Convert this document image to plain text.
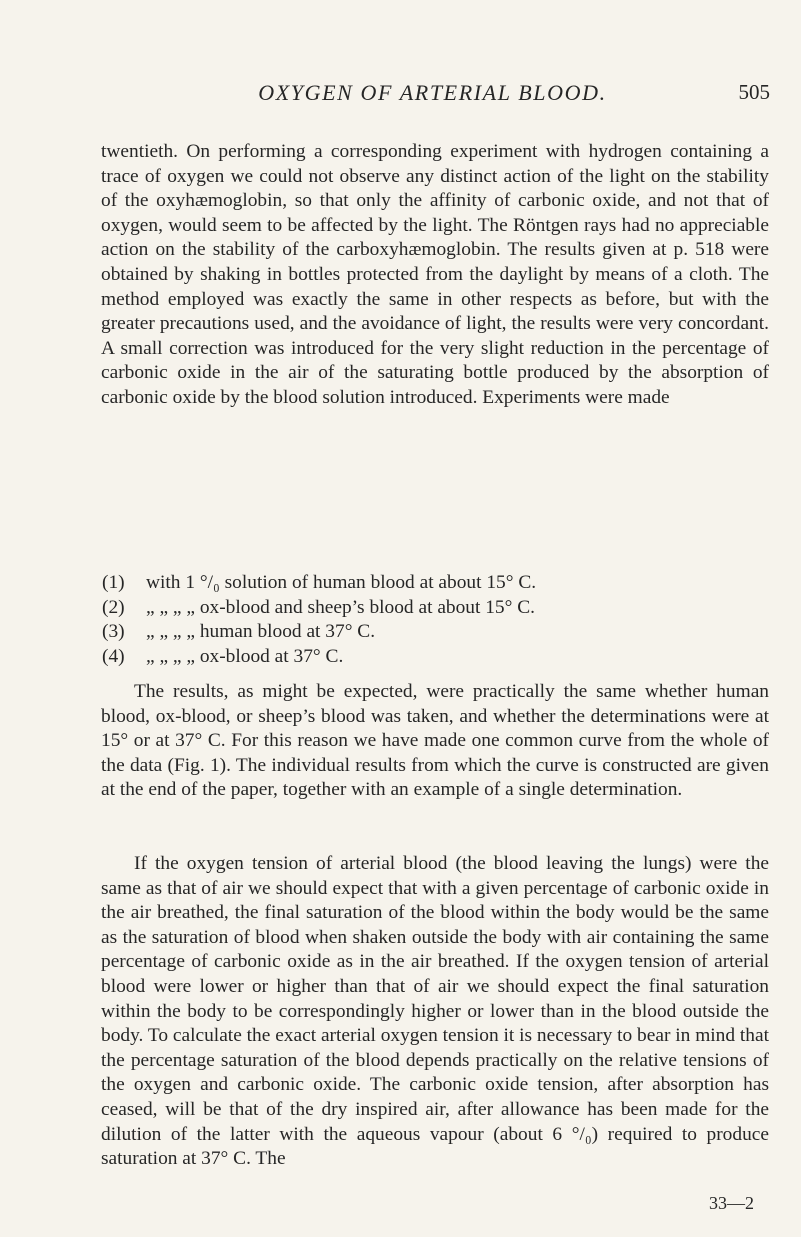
OXYGEN OF ARTERIAL BLOOD.	505

twentieth. On performing a corresponding experiment with hydrogen containing a trace of oxygen we could not observe any distinct action of the light on the stability of the oxyhæmoglobin, so that only the affinity of carbonic oxide, and not that of oxygen, would seem to be affected by the light. The Röntgen rays had no appreciable action on the stability of the carboxyhæmoglobin. The results given at p. 518 were obtained by shaking in bottles protected from the daylight by means of a cloth. The method employed was exactly the same in other respects as before, but with the greater precautions used, and the avoidance of light, the results were very concordant. A small correction was introduced for the very slight reduction in the percentage of carbonic oxide in the air of the saturating bottle produced by the absorption of carbonic oxide by the blood solution introduced. Experiments were made

(1) with 1 °/₀ solution of human blood at about 15° C.
(2) „ „ „ „ ox-blood and sheep’s blood at about 15° C.
(3) „ „ „ „ human blood at 37° C.
(4) „ „ „ „ ox-blood at 37° C.

The results, as might be expected, were practically the same whether human blood, ox-blood, or sheep’s blood was taken, and whether the determinations were at 15° or at 37° C. For this reason we have made one common curve from the whole of the data (Fig. 1). The individual results from which the curve is constructed are given at the end of the paper, together with an example of a single determination.

If the oxygen tension of arterial blood (the blood leaving the lungs) were the same as that of air we should expect that with a given percentage of carbonic oxide in the air breathed, the final saturation of the blood within the body would be the same as the saturation of blood when shaken outside the body with air containing the same percentage of carbonic oxide as in the air breathed. If the oxygen tension of arterial blood were lower or higher than that of air we should expect the final saturation within the body to be correspondingly higher or lower than in the blood outside the body. To calculate the exact arterial oxygen tension it is necessary to bear in mind that the percentage saturation of the blood depends practically on the relative tensions of the oxygen and carbonic oxide. The carbonic oxide tension, after absorption has ceased, will be that of the dry inspired air, after allowance has been made for the dilution of the latter with the aqueous vapour (about 6 °/₀) required to produce saturation at 37° C. The

33—2
